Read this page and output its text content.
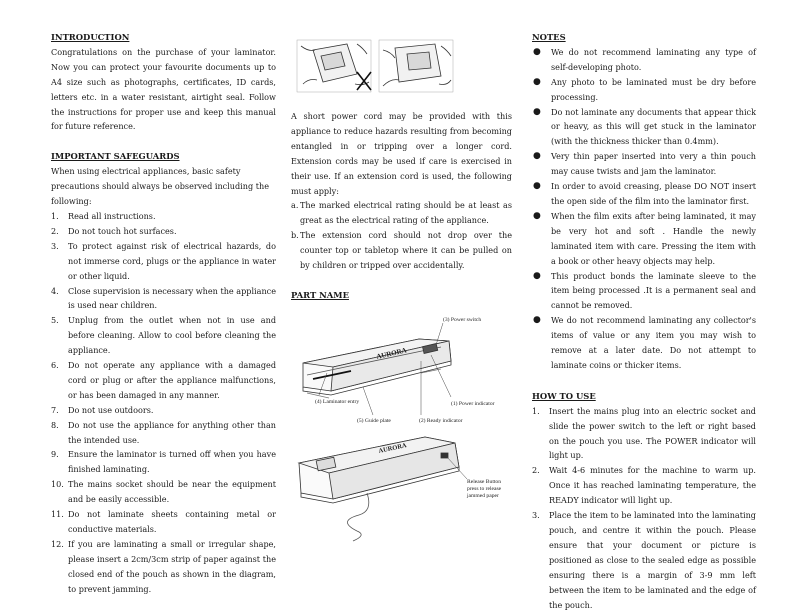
INTRODUCTION

Congratulations on the purchase of your laminator. Now you can protect your favourite documents up to A4 size such as photographs, certificates, ID cards, letters etc. in a water resistant, airtight seal. Follow the instructions for proper use and keep this manual for future reference.

IMPORTANT SAFEGUARDS

When using electrical appliances, basic safety precautions should always be observed including the following:

1. Read all instructions.
2. Do not touch hot surfaces.
3. To protect against risk of electrical hazards, do not immerse cord, plugs or the appliance in water or other liquid.
4. Close supervision is necessary when the appliance is used near children.
5. Unplug from the outlet when not in use and before cleaning. Allow to cool before cleaning the appliance.
6. Do not operate any appliance with a damaged cord or plug or after the appliance malfunctions, or has been damaged in any manner.
7. Do not use outdoors.
8. Do not use the appliance for anything other than the intended use.
9. Ensure the laminator is turned off when you have finished laminating.
10. The mains socket should be near the equipment and be easily accessible.
11. Do not laminate sheets containing metal or conductive materials.
12. If you are laminating a small or irregular shape, please insert a 2cm/3cm strip of paper against the closed end of the pouch as shown in the diagram, to prevent jamming.

A short power cord may be provided with this appliance to reduce hazards resulting from becoming entangled in or tripping over a longer cord. Extension cords may be used if care is exercised in their use. If an extension cord is used, the following must apply:

a. The marked electrical rating should be at least as great as the electrical rating of the appliance.
b. The extension cord should not drop over the counter top or tabletop where it can be pulled on by children or tripped over accidentally.
PART NAME
AURORA
(3) Power switch
(4) Laminator entry	(1) Power indicator
(5) Guide plate	(2) Ready indicator
AURORA
Release Button
press to release
jammed paper
NOTES
● We do not recommend laminating any type of self-developing photo.
● Any photo to be laminated must be dry before processing.
● Do not laminate any documents that appear thick or heavy, as this will get stuck in the laminator (with the thickness thicker than 0.4mm).
● Very thin paper inserted into very a thin pouch may cause twists and jam the laminator.
● In order to avoid creasing, please DO NOT insert the open side of the film into the laminator first.
● When the film exits after being laminated, it may be very hot and soft . Handle the newly laminated item with care. Pressing the item with a book or other heavy objects may help.
● This product bonds the laminate sleeve to the item being processed .It is a permanent seal and cannot be removed.
● We do not recommend laminating any collector's items of value or any item you may wish to remove at a later date. Do not attempt to laminate coins or thicker items.
HOW TO USE
1. Insert the mains plug into an electric socket and slide the power switch to the left or right based on the pouch you use. The POWER indicator will light up.
2. Wait 4-6 minutes for the machine to warm up. Once it has reached laminating temperature, the READY indicator will light up.
3. Place the item to be laminated into the laminating pouch, and centre it within the pouch. Please ensure that your document or picture is positioned as close to the sealed edge as possible ensuring there is a margin of 3-9 mm left between the item to be laminated and the edge of the pouch.
